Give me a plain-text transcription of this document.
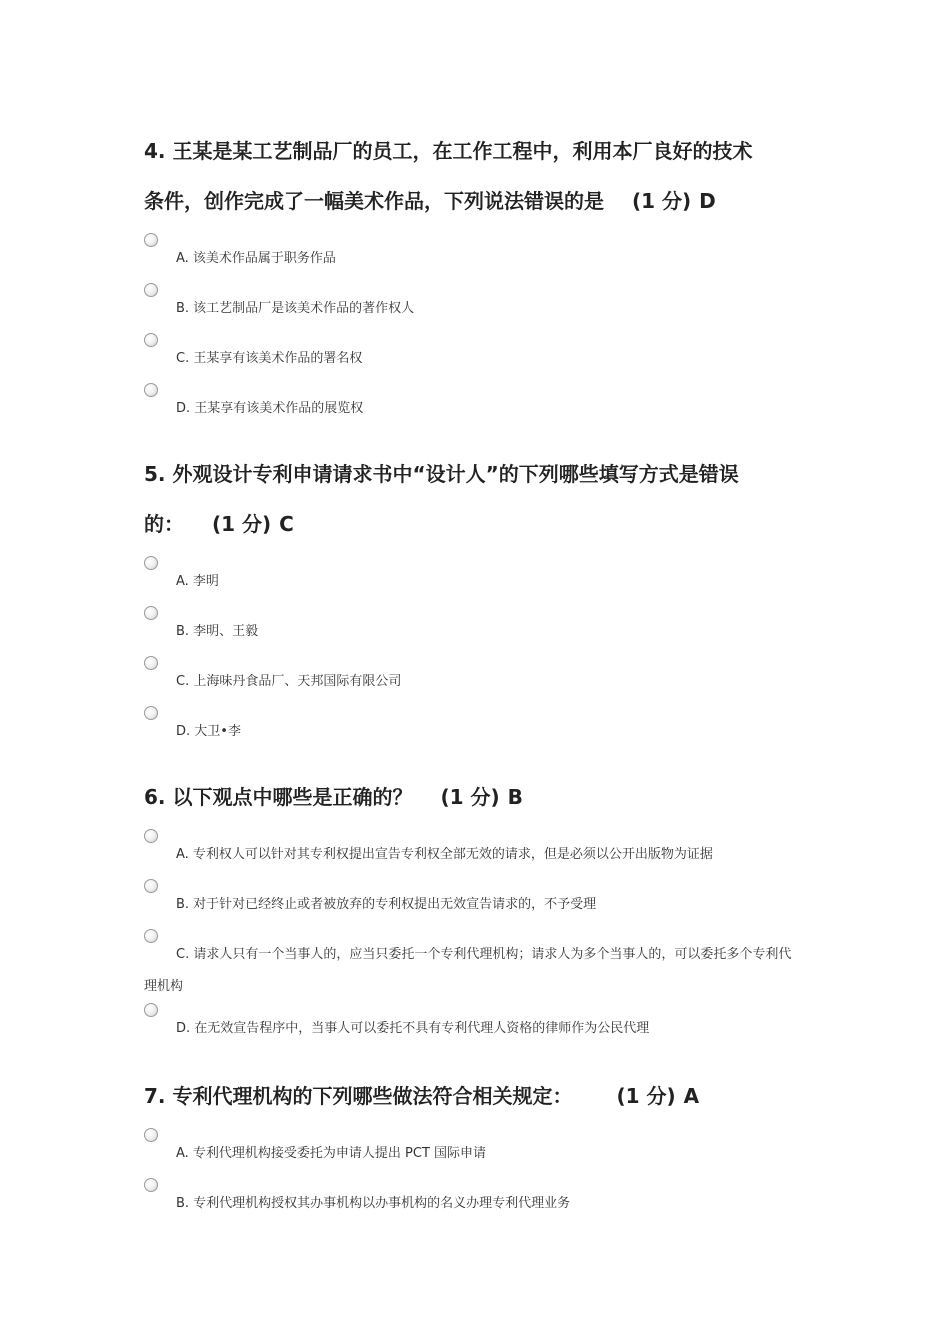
4. 王某是某工艺制品厂的员工，在工作工程中，利用本厂良好的技术

条件，创作完成了一幅美术作品，下列说法错误的是 (1 分) D

A. 该美术作品属于职务作品
B. 该工艺制品厂是该美术作品的著作权人
C. 王某享有该美术作品的署名权
D. 王某享有该美术作品的展览权

5. 外观设计专利申请请求书中“设计人”的下列哪些填写方式是错误

的： (1 分) C

A. 李明
B. 李明、王毅
C. 上海味丹食品厂、天邦国际有限公司
D. 大卫•李

6. 以下观点中哪些是正确的？ (1 分) B

A. 专利权人可以针对其专利权提出宣告专利权全部无效的请求，但是必须以公开出版物为证据
B. 对于针对已经终止或者被放弃的专利权提出无效宣告请求的，不予受理
C. 请求人只有一个当事人的，应当只委托一个专利代理机构；请求人为多个当事人的，可以委托多个专利代理机构
D. 在无效宣告程序中，当事人可以委托不具有专利代理人资格的律师作为公民代理

7. 专利代理机构的下列哪些做法符合相关规定： (1 分) A

A. 专利代理机构接受委托为申请人提出 PCT 国际申请
B. 专利代理机构授权其办事机构以办事机构的名义办理专利代理业务
